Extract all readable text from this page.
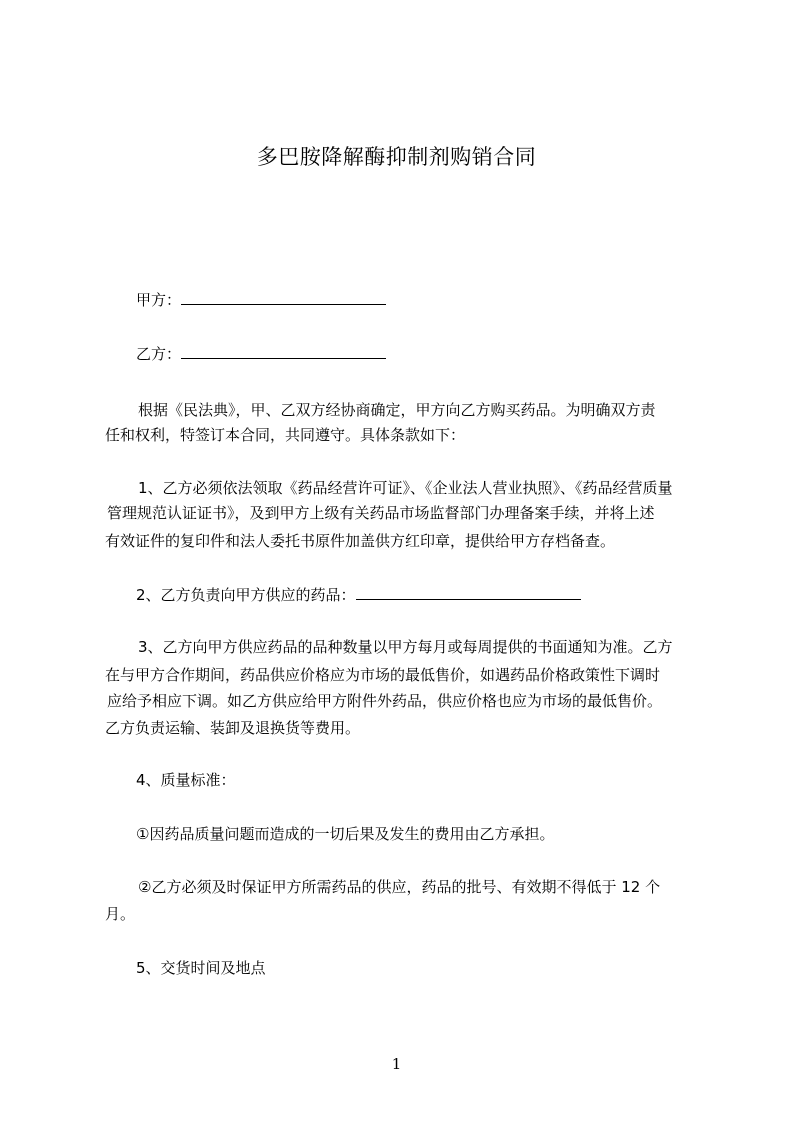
多巴胺降解酶抑制剂购销合同
甲方：
乙方：
根据《民法典》，甲、乙双方经协商确定，甲方向乙方购买药品。为明确双方责
任和权利，特签订本合同，共同遵守。具体条款如下：
1、乙方必须依法领取《药品经营许可证》、《企业法人营业执照》、《药品经营质量
管理规范认证证书》，及到甲方上级有关药品市场监督部门办理备案手续，并将上述
有效证件的复印件和法人委托书原件加盖供方红印章，提供给甲方存档备查。
2、乙方负责向甲方供应的药品：
3、乙方向甲方供应药品的品种数量以甲方每月或每周提供的书面通知为准。乙方
在与甲方合作期间，药品供应价格应为市场的最低售价，如遇药品价格政策性下调时
应给予相应下调。如乙方供应给甲方附件外药品，供应价格也应为市场的最低售价。
乙方负责运输、装卸及退换货等费用。
4、质量标准：
①因药品质量问题而造成的一切后果及发生的费用由乙方承担。
②乙方必须及时保证甲方所需药品的供应，药品的批号、有效期不得低于 12 个
月。
5、交货时间及地点
1
